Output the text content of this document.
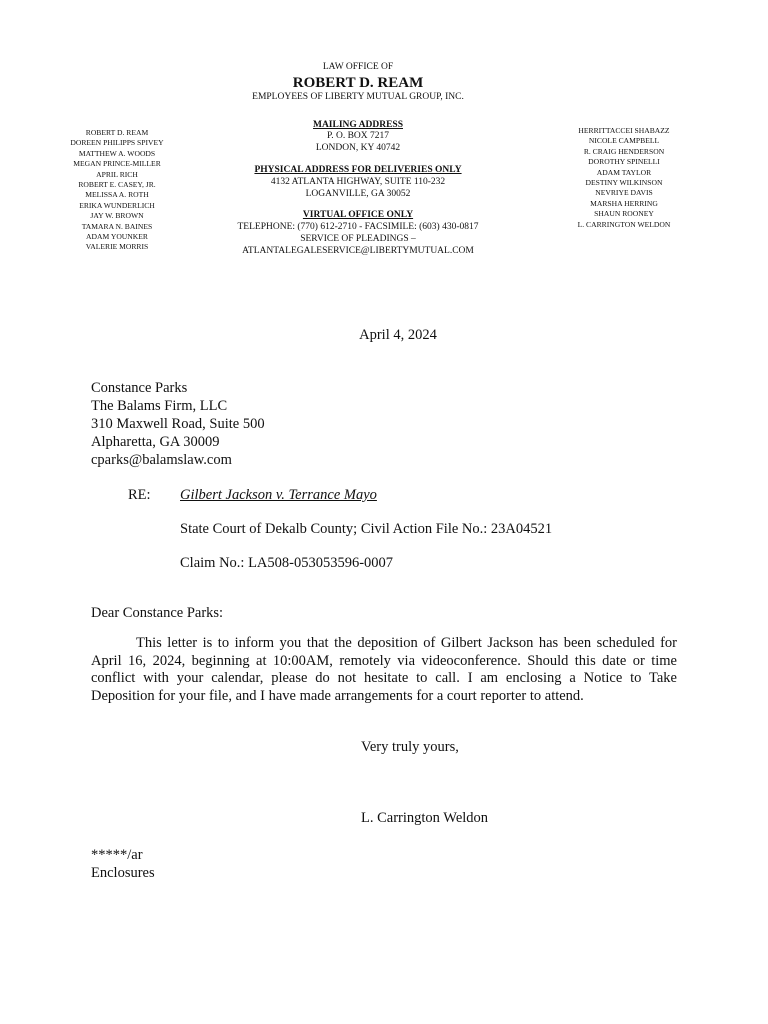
LAW OFFICE OF
ROBERT D. REAM
EMPLOYEES OF LIBERTY MUTUAL GROUP, INC.
MAILING ADDRESS
P. O. BOX 7217
LONDON, KY 40742
PHYSICAL ADDRESS FOR DELIVERIES ONLY
4132 ATLANTA HIGHWAY, SUITE 110-232
LOGANVILLE, GA 30052
VIRTUAL OFFICE ONLY
TELEPHONE: (770) 612-2710 - FACSIMILE: (603) 430-0817
SERVICE OF PLEADINGS –
ATLANTALEGALESERVICE@LIBERTYMUTUAL.COM
ROBERT D. REAM
DOREEN PHILIPPS SPIVEY
MATTHEW A. WOODS
MEGAN PRINCE-MILLER
APRIL RICH
ROBERT E. CASEY, JR.
MELISSA A. ROTH
ERIKA WUNDERLICH
JAY W. BROWN
TAMARA N. BAINES
ADAM YOUNKER
VALERIE MORRIS
HERRITTACCEI SHABAZZ
NICOLE CAMPBELL
R. CRAIG HENDERSON
DOROTHY SPINELLI
ADAM TAYLOR
DESTINY WILKINSON
NEVRIYE DAVIS
MARSHA HERRING
SHAUN ROONEY
L. CARRINGTON WELDON
April 4, 2024
Constance Parks
The Balams Firm, LLC
310 Maxwell Road, Suite 500
Alpharetta, GA 30009
cparks@balamslaw.com
RE: Gilbert Jackson v. Terrance Mayo
State Court of Dekalb County; Civil Action File No.: 23A04521
Claim No.: LA508-053053596-0007
Dear Constance Parks:
This letter is to inform you that the deposition of Gilbert Jackson has been scheduled for
April 16, 2024, beginning at 10:00AM, remotely via videoconference. Should this date or time
conflict with your calendar, please do not hesitate to call. I am enclosing a Notice to Take
Deposition for your file, and I have made arrangements for a court reporter to attend.
Very truly yours,
L. Carrington Weldon
*****/ar
Enclosures
